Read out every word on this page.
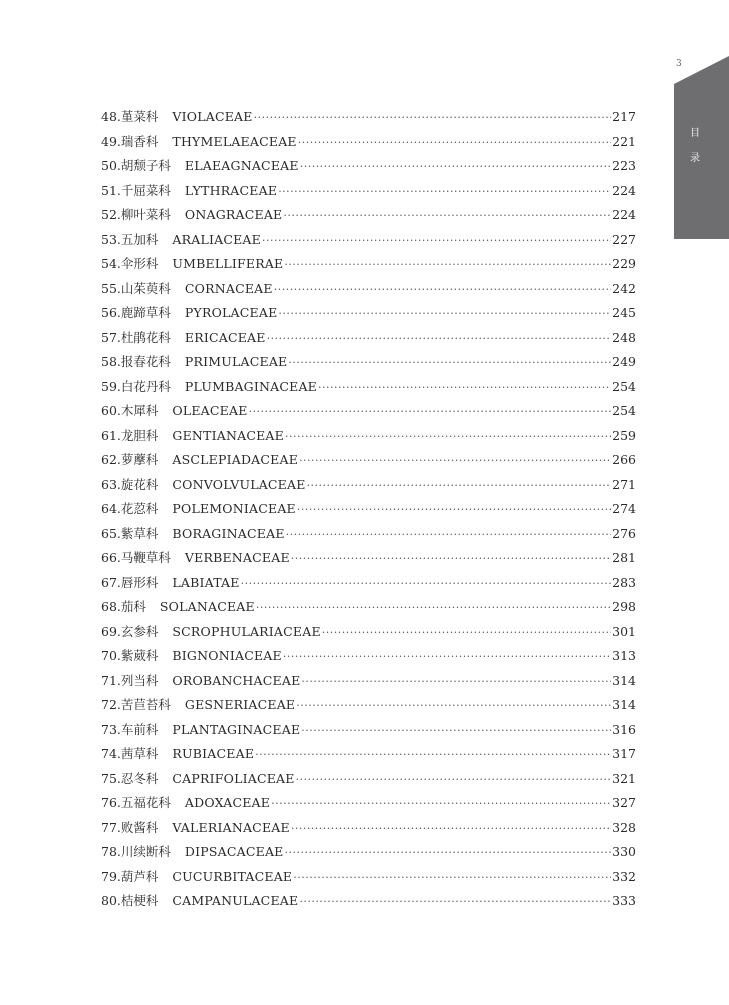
3
目
录
48. 堇菜科 VIOLACEAE ·····	217
49. 瑞香科 THYMELAEACEAE ·····	221
50. 胡颓子科 ELAEAGNACEAE ·····	223
51. 千屈菜科 LYTHRACEAE ·····	224
52. 柳叶菜科 ONAGRACEAE ·····	224
53. 五加科 ARALIACEAE ·····	227
54. 伞形科 UMBELLIFERAE ·····	229
55. 山茱萸科 CORNACEAE ·····	242
56. 鹿蹄草科 PYROLACEAE ·····	245
57. 杜鹃花科 ERICACEAE ·····	248
58. 报春花科 PRIMULACEAE ·····	249
59. 白花丹科 PLUMBAGINACEAE ·····	254
60. 木犀科 OLEACEAE ·····	254
61. 龙胆科 GENTIANACEAE ·····	259
62. 萝藦科 ASCLEPIADACEAE ·····	266
63. 旋花科 CONVOLVULACEAE ·····	271
64. 花荵科 POLEMONIACEAE ·····	274
65. 紫草科 BORAGINACEAE ·····	276
66. 马鞭草科 VERBENACEAE ·····	281
67. 唇形科 LABIATAE ·····	283
68. 茄科 SOLANACEAE ·····	298
69. 玄参科 SCROPHULARIACEAE ·····	301
70. 紫葳科 BIGNONIACEAE ·····	313
71. 列当科 OROBANCHACEAE ·····	314
72. 苦苣苔科 GESNERIACEAE ·····	314
73. 车前科 PLANTAGINACEAE ·····	316
74. 茜草科 RUBIACEAE ·····	317
75. 忍冬科 CAPRIFOLIACEAE ·····	321
76. 五福花科 ADOXACEAE ·····	327
77. 败酱科 VALERIANACEAE ·····	328
78. 川续断科 DIPSACACEAE ·····	330
79. 葫芦科 CUCURBITACEAE ·····	332
80. 桔梗科 CAMPANULACEAE ·····	333
